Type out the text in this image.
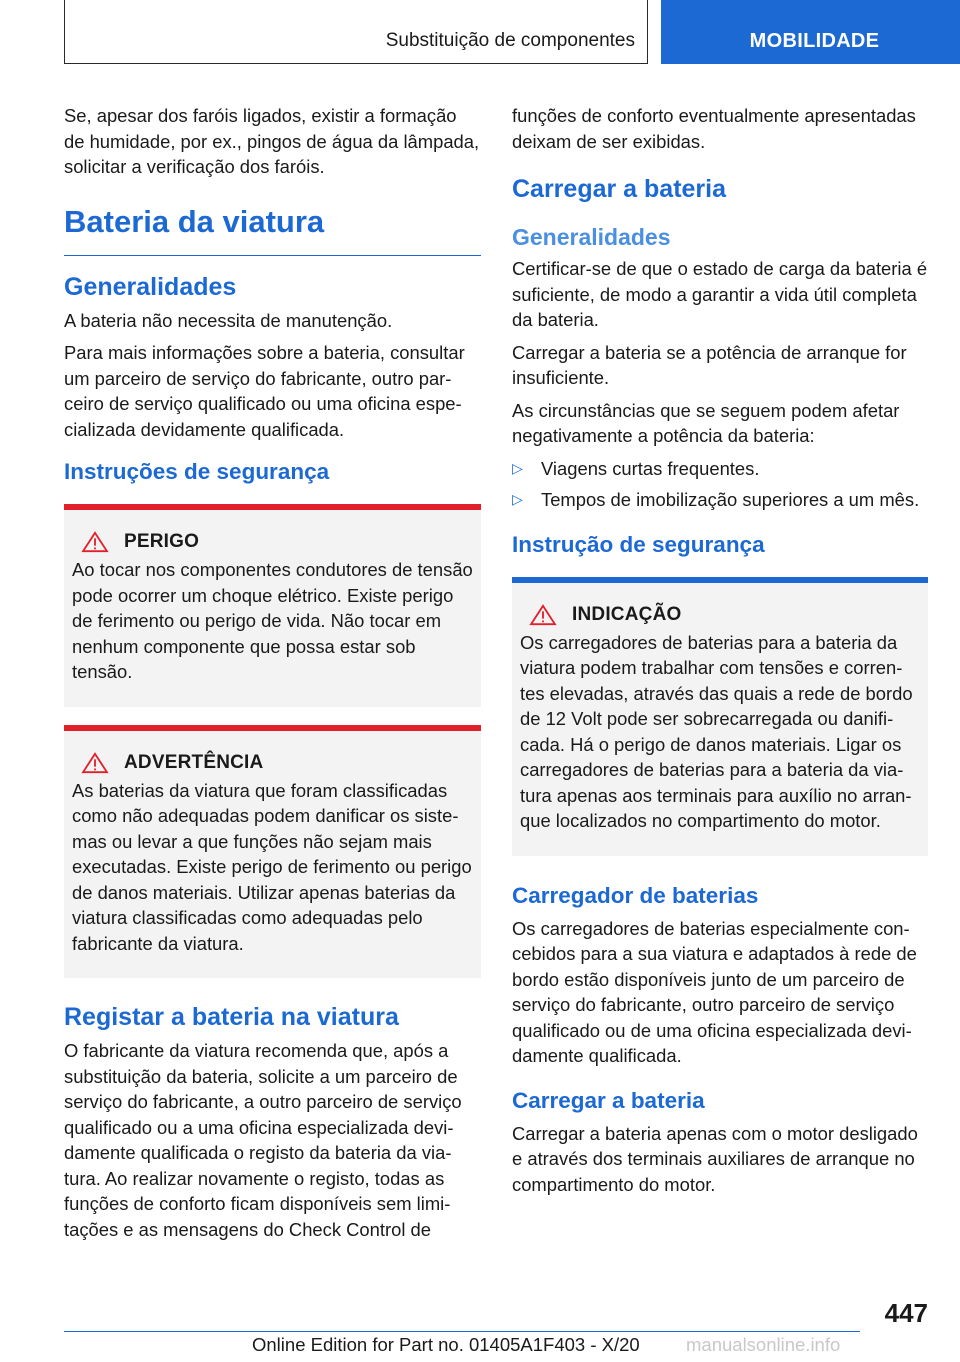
Substituição de componentes	MOBILIDADE

Se, apesar dos faróis ligados, existir a formação de humidade, por ex., pingos de água da lâmpada, solicitar a verificação dos faróis.

Bateria da viatura
Generalidades

A bateria não necessita de manutenção.

Para mais informações sobre a bateria, consultar um parceiro de serviço do fabricante, outro parceiro de serviço qualificado ou uma oficina especializada devidamente qualificada.

Instruções de segurança
PERIGO

Ao tocar nos componentes condutores de tensão pode ocorrer um choque elétrico. Existe perigo de ferimento ou perigo de vida. Não tocar em nenhum componente que possa estar sob tensão.

ADVERTÊNCIA

As baterias da viatura que foram classificadas como não adequadas podem danificar os sistemas ou levar a que funções não sejam mais executadas. Existe perigo de ferimento ou perigo de danos materiais. Utilizar apenas baterias da viatura classificadas como adequadas pelo fabricante da viatura.

Registar a bateria na viatura

O fabricante da viatura recomenda que, após a substituição da bateria, solicite a um parceiro de serviço do fabricante, a outro parceiro de serviço qualificado ou a uma oficina especializada devidamente qualificada o registo da bateria da viatura. Ao realizar novamente o registo, todas as funções de conforto ficam disponíveis sem limitações e as mensagens do Check Control de

funções de conforto eventualmente apresentadas deixam de ser exibidas.

Carregar a bateria
Generalidades

Certificar-se de que o estado de carga da bateria é suficiente, de modo a garantir a vida útil completa da bateria.

Carregar a bateria se a potência de arranque for insuficiente.

As circunstâncias que se seguem podem afetar negativamente a potência da bateria:

▷ Viagens curtas frequentes.
▷ Tempos de imobilização superiores a um mês.
Instrução de segurança
INDICAÇÃO

Os carregadores de baterias para a bateria da viatura podem trabalhar com tensões e correntes elevadas, através das quais a rede de bordo de 12 Volt pode ser sobrecarregada ou danificada. Há o perigo de danos materiais. Ligar os carregadores de baterias para a bateria da viatura apenas aos terminais para auxílio no arranque localizados no compartimento do motor.

Carregador de baterias

Os carregadores de baterias especialmente concebidos para a sua viatura e adaptados à rede de bordo estão disponíveis junto de um parceiro de serviço do fabricante, outro parceiro de serviço qualificado ou de uma oficina especializada devidamente qualificada.

Carregar a bateria

Carregar a bateria apenas com o motor desligado e através dos terminais auxiliares de arranque no compartimento do motor.

447
Online Edition for Part no. 01405A1F403 - X/20	manualsonline.info
